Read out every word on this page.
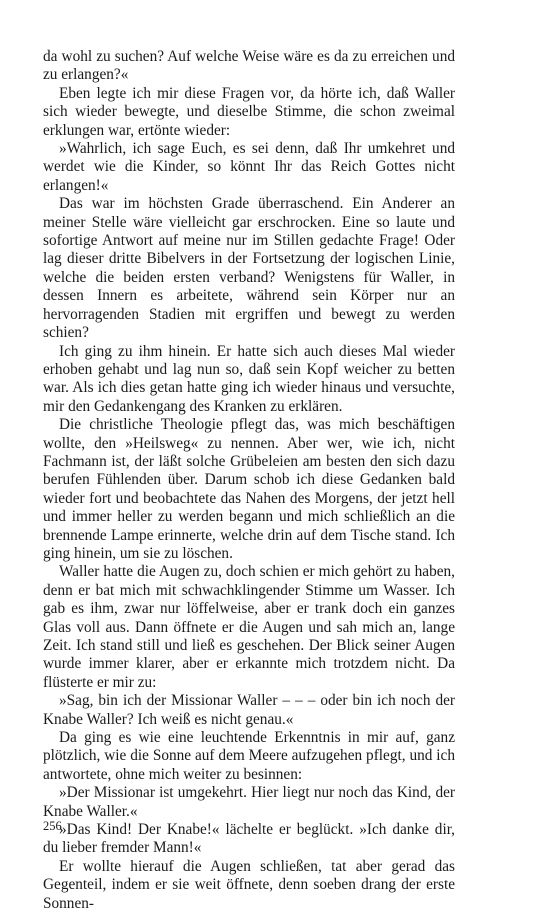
da wohl zu suchen? Auf welche Weise wäre es da zu erreichen und zu erlangen?«

Eben legte ich mir diese Fragen vor, da hörte ich, daß Waller sich wieder bewegte, und dieselbe Stimme, die schon zweimal erklungen war, ertönte wieder:

»Wahrlich, ich sage Euch, es sei denn, daß Ihr umkehret und werdet wie die Kinder, so könnt Ihr das Reich Gottes nicht erlangen!«

Das war im höchsten Grade überraschend. Ein Anderer an meiner Stelle wäre vielleicht gar erschrocken. Eine so laute und sofortige Antwort auf meine nur im Stillen gedachte Frage! Oder lag dieser dritte Bibelvers in der Fortsetzung der logischen Linie, welche die beiden ersten verband? Wenigstens für Waller, in dessen Innern es arbeitete, während sein Körper nur an hervorragenden Stadien mit ergriffen und bewegt zu werden schien?

Ich ging zu ihm hinein. Er hatte sich auch dieses Mal wieder erhoben gehabt und lag nun so, daß sein Kopf weicher zu betten war. Als ich dies getan hatte ging ich wieder hinaus und versuchte, mir den Gedankengang des Kranken zu erklären.

Die christliche Theologie pflegt das, was mich beschäftigen wollte, den »Heilsweg« zu nennen. Aber wer, wie ich, nicht Fachmann ist, der läßt solche Grübeleien am besten den sich dazu berufen Fühlenden über. Darum schob ich diese Gedanken bald wieder fort und beobachtete das Nahen des Morgens, der jetzt hell und immer heller zu werden begann und mich schließlich an die brennende Lampe erinnerte, welche drin auf dem Tische stand. Ich ging hinein, um sie zu löschen.

Waller hatte die Augen zu, doch schien er mich gehört zu haben, denn er bat mich mit schwachklingender Stimme um Wasser. Ich gab es ihm, zwar nur löffelweise, aber er trank doch ein ganzes Glas voll aus. Dann öffnete er die Augen und sah mich an, lange Zeit. Ich stand still und ließ es geschehen. Der Blick seiner Augen wurde immer klarer, aber er erkannte mich trotzdem nicht. Da flüsterte er mir zu:

»Sag, bin ich der Missionar Waller – – – oder bin ich noch der Knabe Waller? Ich weiß es nicht genau.«

Da ging es wie eine leuchtende Erkenntnis in mir auf, ganz plötzlich, wie die Sonne auf dem Meere aufzugehen pflegt, und ich antwortete, ohne mich weiter zu besinnen:

»Der Missionar ist umgekehrt. Hier liegt nur noch das Kind, der Knabe Waller.«

»Das Kind! Der Knabe!« lächelte er beglückt. »Ich danke dir, du lieber fremder Mann!«

Er wollte hierauf die Augen schließen, tat aber gerad das Gegenteil, indem er sie weit öffnete, denn soeben drang der erste Sonnen-

256
